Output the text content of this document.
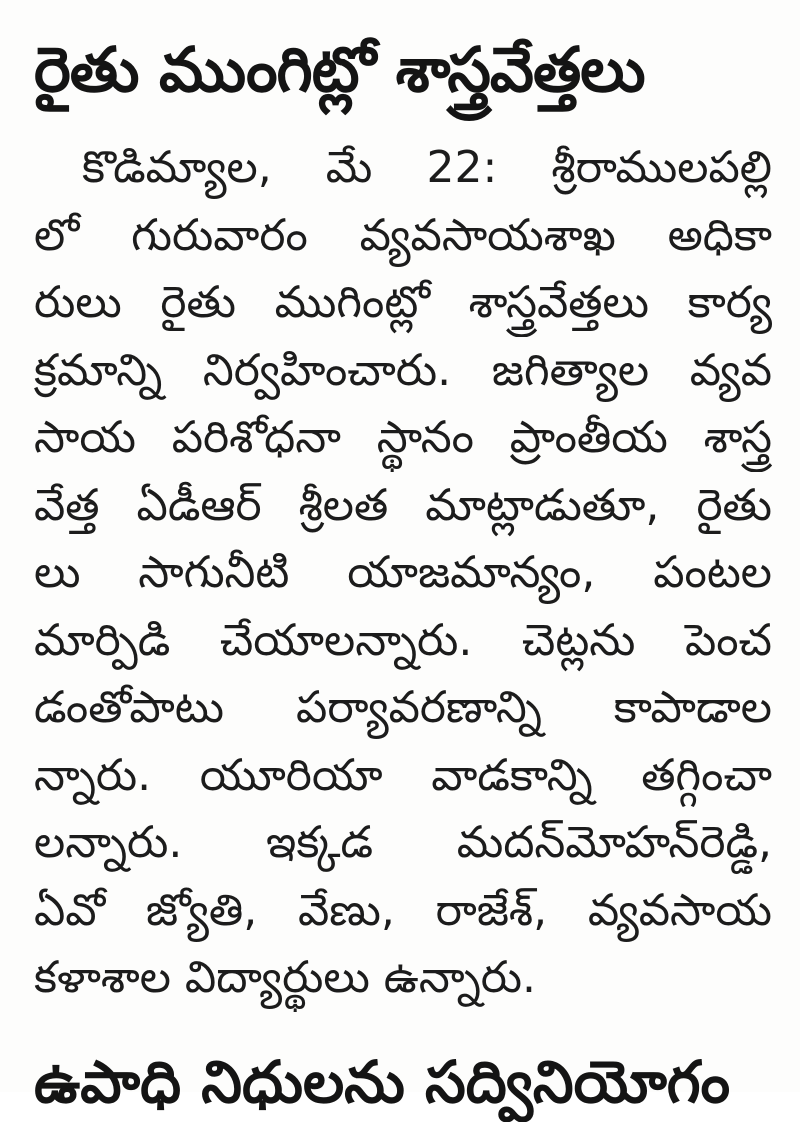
రైతు ముంగిట్లో శాస్త్రవేత్తలు
కొడిమ్యాల, మే 22: శ్రీరాములపల్లి
లో గురువారం వ్యవసాయశాఖ అధికా
రులు రైతు ముగింట్లో శాస్త్రవేత్తలు కార్య
క్రమాన్ని నిర్వహించారు. జగిత్యాల వ్యవ
సాయ పరిశోధనా స్థానం ప్రాంతీయ శాస్త్ర
వేత్త ఏడీఆర్ శ్రీలత మాట్లాడుతూ, రైతు
లు సాగునీటి యాజమాన్యం, పంటల
మార్పిడి చేయాలన్నారు. చెట్లను పెంచ
డంతోపాటు పర్యావరణాన్ని కాపాడాల
న్నారు. యూరియా వాడకాన్ని తగ్గించా
లన్నారు. ఇక్కడ మదన్‌మోహన్‌రెడ్డి,
ఏవో జ్యోతి, వేణు, రాజేశ్, వ్యవసాయ
కళాశాల విద్యార్థులు ఉన్నారు.
ఉపాధి నిధులను సద్వినియోగం
